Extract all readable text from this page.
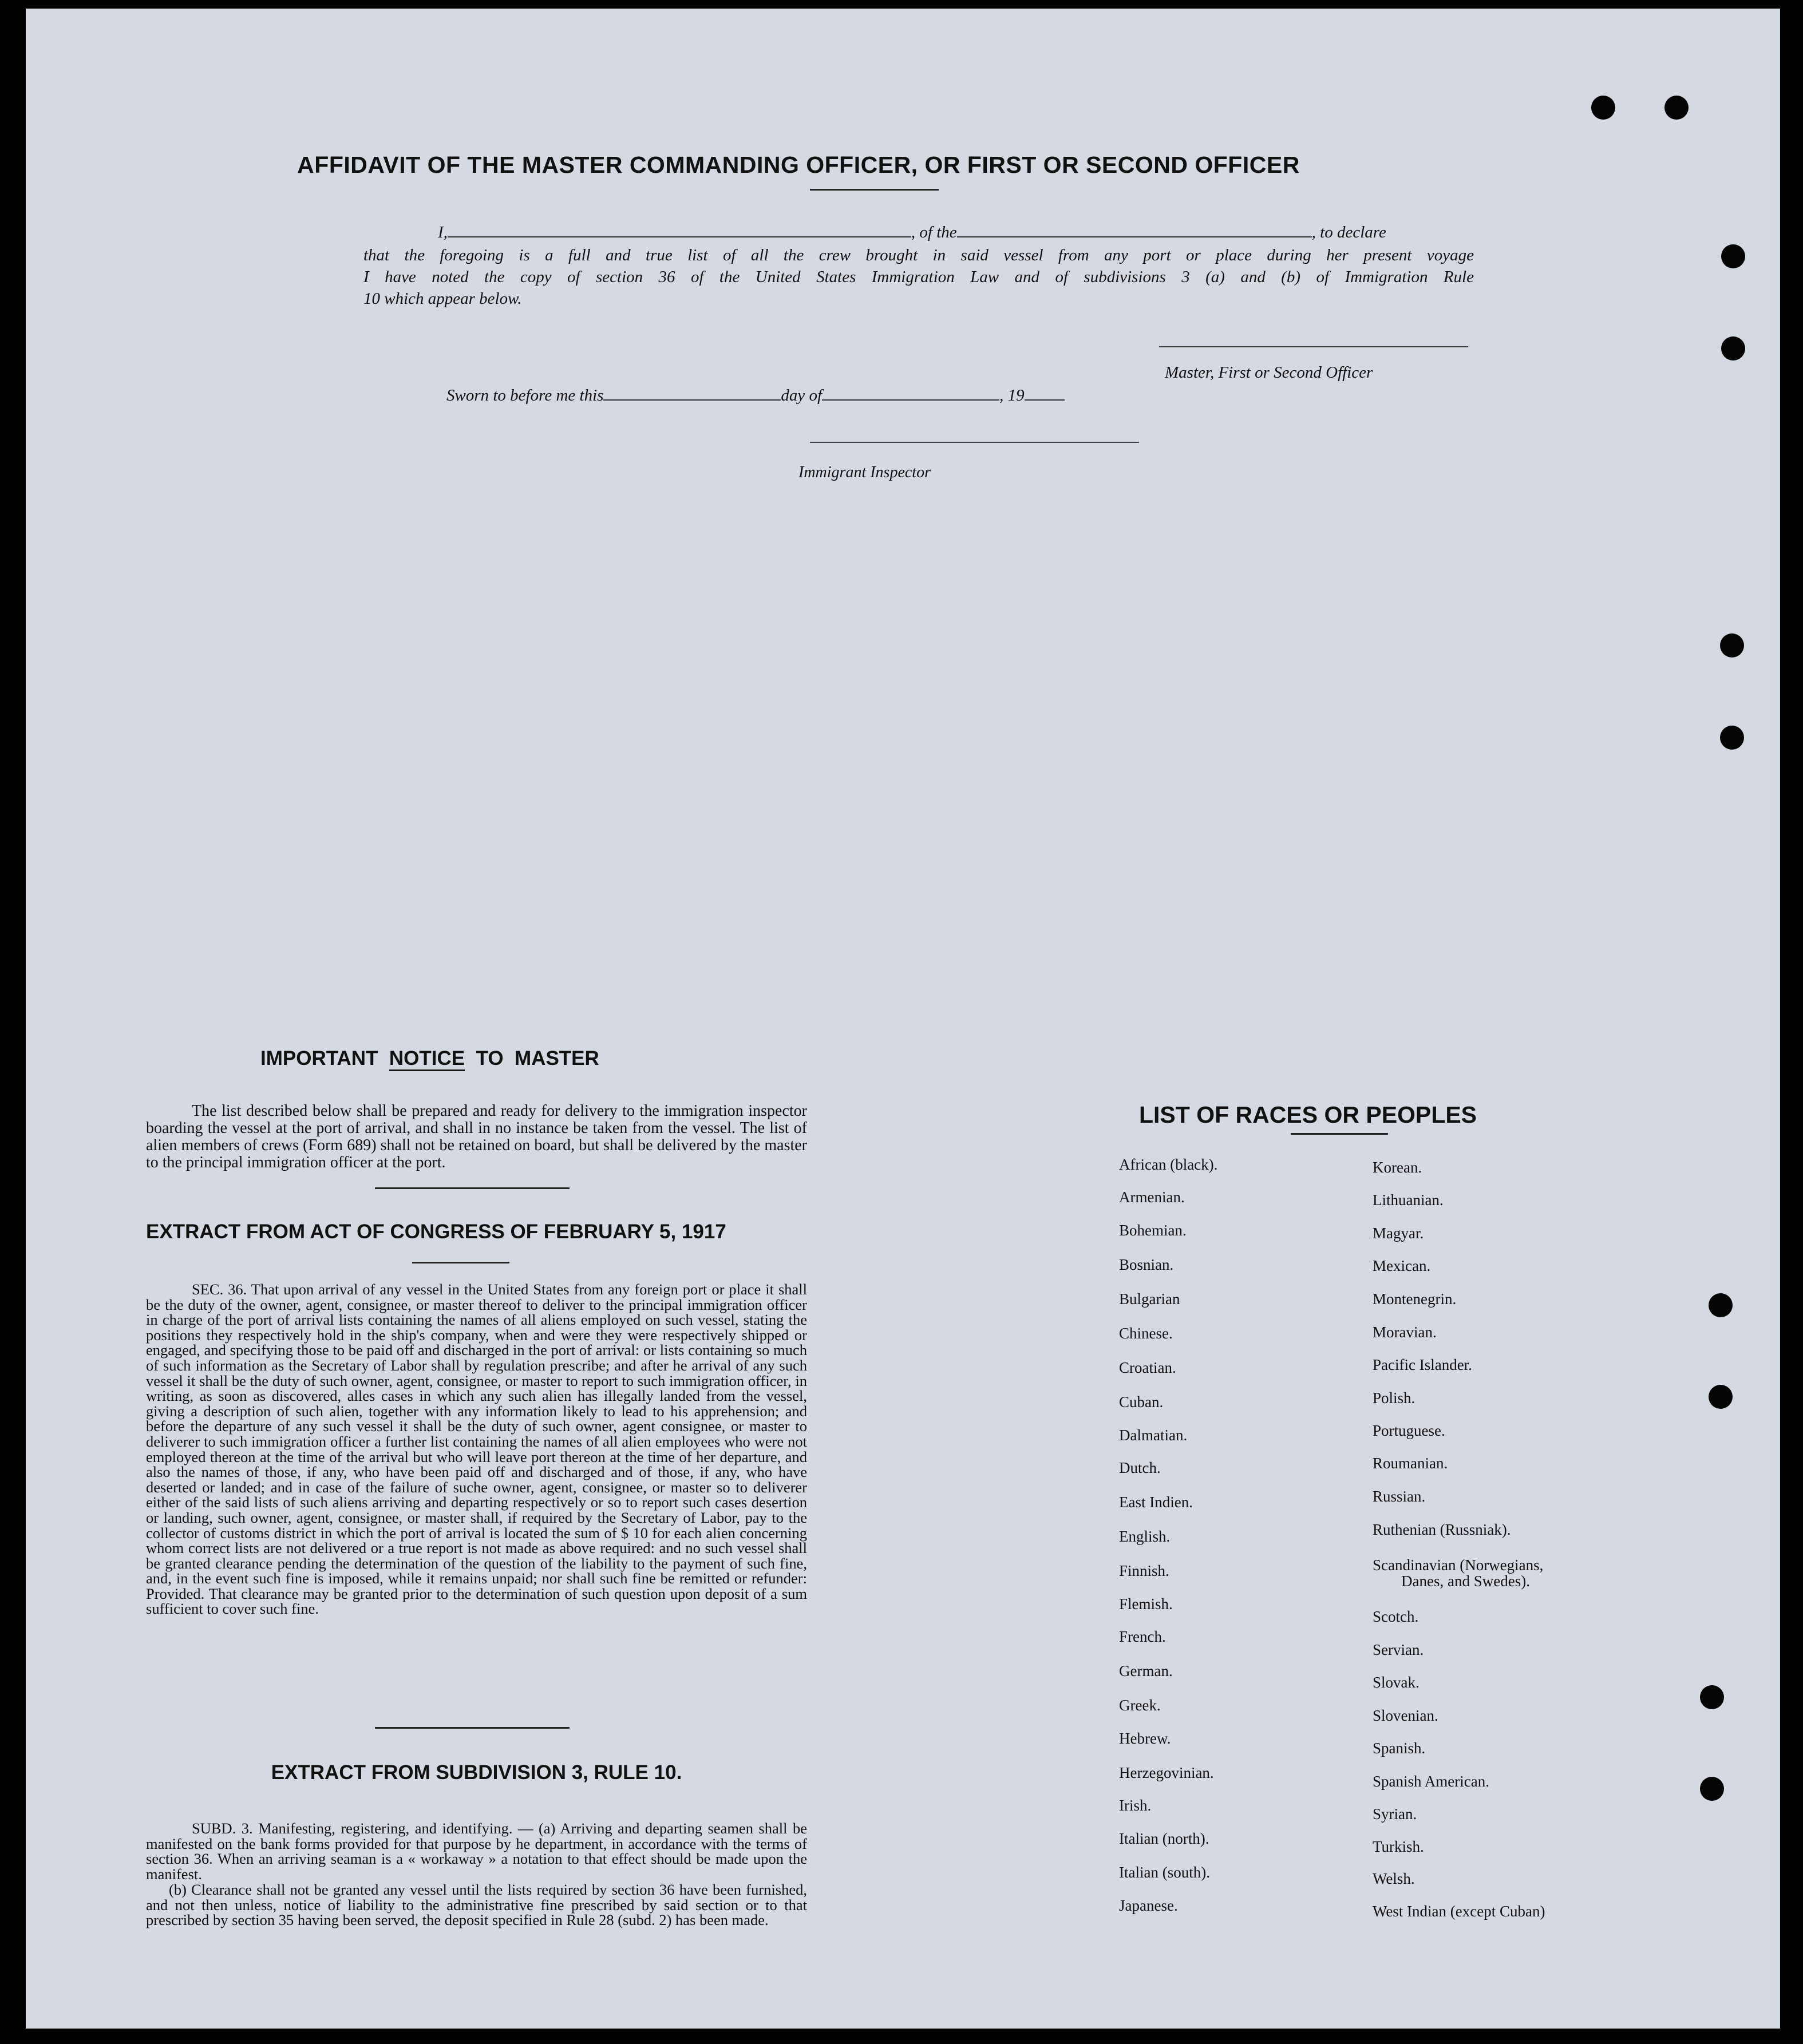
AFFIDAVIT OF THE MASTER COMMANDING OFFICER, OR FIRST OR SECOND OFFICER
I,	, of the	, to declare
that the foregoing is a full and true list of all the crew brought in said vessel from any port or place during her present voyage
I have noted the copy of section 36 of the United States Immigration Law and of subdivisions 3 (a) and (b) of Immigration Rule
10 which appear below.
Master, First or Second Officer
Sworn to before me this	day of	, 19
Immigrant Inspector
IMPORTANT NOTICE TO MASTER
The list described below shall be prepared and ready for delivery to the immigration inspector boarding the vessel at the port of arrival, and shall in no instance be taken from the vessel. The list of alien members of crews (Form 689) shall not be retained on board, but shall be delivered by the master to the principal immigration officer at the port.
EXTRACT FROM ACT OF CONGRESS OF FEBRUARY 5, 1917
SEC. 36. That upon arrival of any vessel in the United States from any foreign port or place it shall be the duty of the owner, agent, consignee, or master thereof to deliver to the principal immigration officer in charge of the port of arrival lists containing the names of all aliens employed on such vessel, stating the positions they respectively hold in the ship's company, when and were they were respectively shipped or engaged, and specifying those to be paid off and discharged in the port of arrival: or lists containing so much of such information as the Secretary of Labor shall by regulation prescribe; and after he arrival of any such vessel it shall be the duty of such owner, agent, consignee, or master to report to such immigration officer, in writing, as soon as discovered, alles cases in which any such alien has illegally landed from the vessel, giving a description of such alien, together with any information likely to lead to his apprehension; and before the departure of any such vessel it shall be the duty of such owner, agent consignee, or master to deliverer to such immigration officer a further list containing the names of all alien employees who were not employed thereon at the time of the arrival but who will leave port thereon at the time of her departure, and also the names of those, if any, who have been paid off and discharged and of those, if any, who have deserted or landed; and in case of the failure of suche owner, agent, consignee, or master so to deliverer either of the said lists of such aliens arriving and departing respectively or so to report such cases desertion or landing, such owner, agent, consignee, or master shall, if required by the Secretary of Labor, pay to the collector of customs district in which the port of arrival is located the sum of $ 10 for each alien concerning whom correct lists are not delivered or a true report is not made as above required: and no such vessel shall be granted clearance pending the determination of the question of the liability to the payment of such fine, and, in the event such fine is imposed, while it remains unpaid; nor shall such fine be remitted or refunder: Provided. That clearance may be granted prior to the determination of such question upon deposit of a sum sufficient to cover such fine.
EXTRACT FROM SUBDIVISION 3, RULE 10.
SUBD. 3. Manifesting, registering, and identifying. — (a) Arriving and departing seamen shall be manifested on the bank forms provided for that purpose by he department, in accordance with the terms of section 36. When an arriving seaman is a « workaway » a notation to that effect should be made upon the manifest.
(b) Clearance shall not be granted any vessel until the lists required by section 36 have been furnished, and not then unless, notice of liability to the administrative fine prescribed by said section or to that prescribed by section 35 having been served, the deposit specified in Rule 28 (subd. 2) has been made.
LIST OF RACES OR PEOPLES
African (black).
Armenian.
Bohemian.
Bosnian.
Bulgarian
Chinese.
Croatian.
Cuban.
Dalmatian.
Dutch.
East Indien.
English.
Finnish.
Flemish.
French.
German.
Greek.
Hebrew.
Herzegovinian.
Irish.
Italian (north).
Italian (south).
Japanese.
Korean.
Lithuanian.
Magyar.
Mexican.
Montenegrin.
Moravian.
Pacific Islander.
Polish.
Portuguese.
Roumanian.
Russian.
Ruthenian (Russniak).
Scandinavian (Norwegians,
Danes, and Swedes).
Scotch.
Servian.
Slovak.
Slovenian.
Spanish.
Spanish American.
Syrian.
Turkish.
Welsh.
West Indian (except Cuban)
